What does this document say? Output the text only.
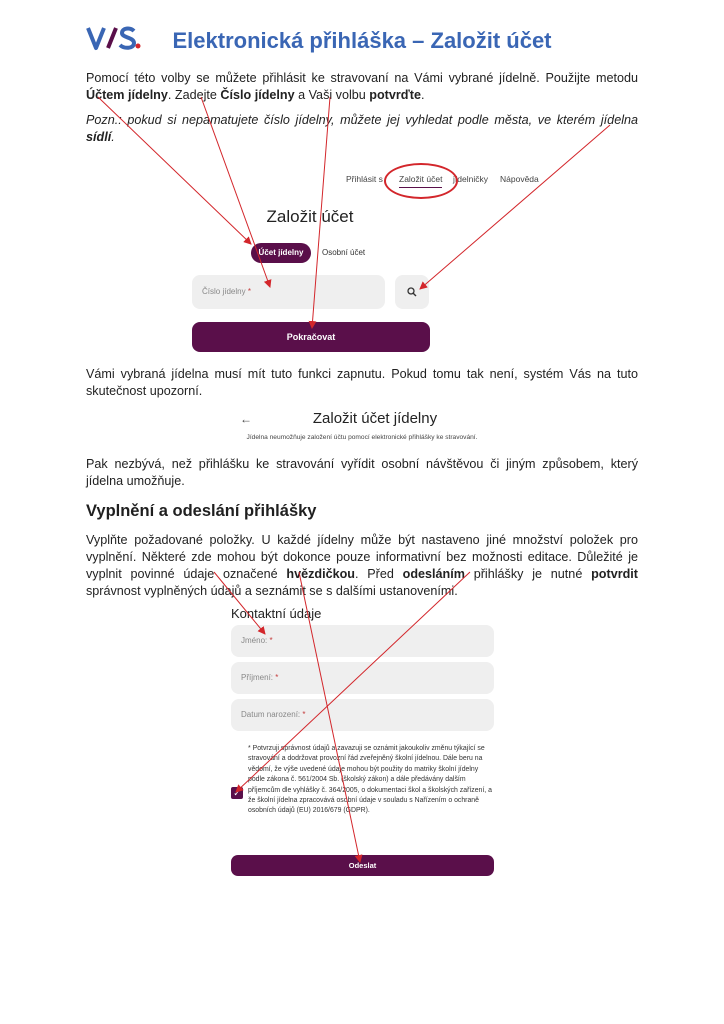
Elektronická přihláška – Založit účet
Pomocí této volby se můžete přihlásit ke stravovaní na Vámi vybrané jídelně. Použijte metodu Účtem jídelny. Zadejte Číslo jídelny a Vaši volbu potvrďte.
Pozn.: pokud si nepamatujete číslo jídelny, můžete jej vyhledat podle města, ve kterém jídelna sídlí.
Přihlásit s Založit účet jídelničky Nápověda
Založit účet
Účet jídelny	Osobní účet
Číslo jídelny *
Pokračovat
Vámi vybraná jídelna musí mít tuto funkci zapnutu. Pokud tomu tak není, systém Vás na tuto skutečnost upozorní.
←	Založit účet jídelny
Jídelna neumožňuje založení účtu pomocí elektronické přihlášky ke stravování.
Pak nezbývá, než přihlášku ke stravování vyřídit osobní návštěvou či jiným způsobem, který jídelna umožňuje.
Vyplnění a odeslání přihlášky
Vyplňte požadované položky. U každé jídelny může být nastaveno jiné množství položek pro vyplnění. Některé zde mohou být dokonce pouze informativní bez možnosti editace. Důležité je vyplnit povinné údaje označené hvězdičkou. Před odesláním přihlášky je nutné potvrdit správnost vyplněných údajů a seznámit se s dalšími ustanoveními.
Kontaktní údaje
Jméno: *
Příjmení: *
Datum narození: *
✓
* Potvrzuji správnost údajů a zavazuji se oznámit jakoukoliv změnu týkající se stravování a dodržovat provozní řád zveřejněný školní jídelnou. Dále beru na vědomí, že výše uvedené údaje mohou být použity do matriky školní jídelny podle zákona č. 561/2004 Sb. (školský zákon) a dále předávány dalším příjemcům dle vyhlášky č. 364/2005, o dokumentaci škol a školských zařízení, a že školní jídelna zpracovává osobní údaje v souladu s Nařízením o ochraně osobních údajů (EU) 2016/679 (GDPR).
Odeslat
